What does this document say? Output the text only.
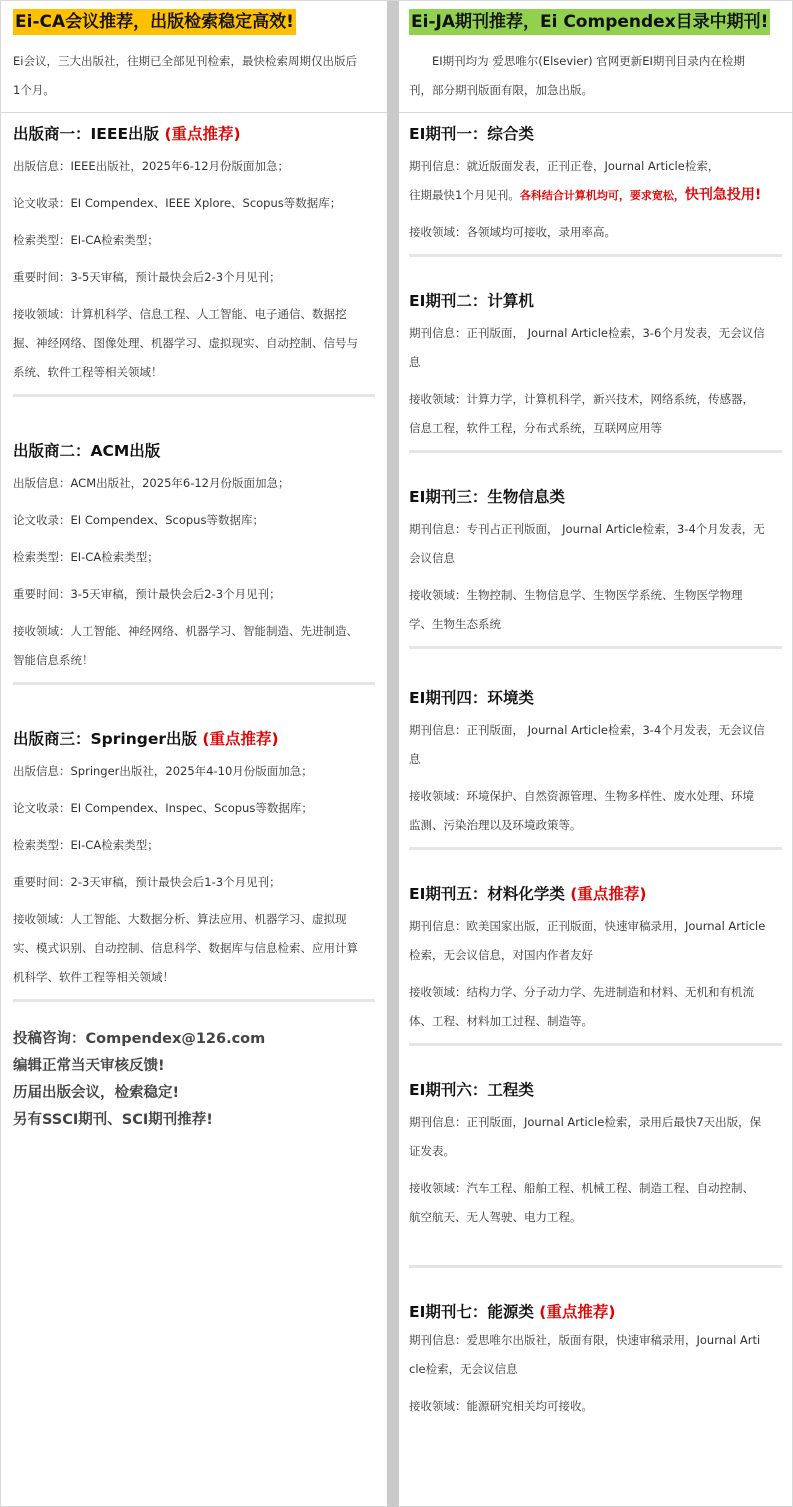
Ei-CA会议推荐，出版检索稳定高效!
Ei会议，三大出版社，往期已全部见刊检索，最快检索周期仅出版后
1个月。
出版商一：IEEE出版 (重点推荐)
出版信息：IEEE出版社，2025年6-12月份版面加急；
论文收录：EI Compendex、IEEE Xplore、Scopus等数据库；
检索类型：EI-CA检索类型；
重要时间：3-5天审稿，预计最快会后2-3个月见刊；
接收领域：计算机科学、信息工程、人工智能、电子通信、数据挖
掘、神经网络、图像处理、机器学习、虚拟现实、自动控制、信号与
系统、软件工程等相关领域！
出版商二：ACM出版
出版信息：ACM出版社，2025年6-12月份版面加急；
论文收录：EI Compendex、Scopus等数据库；
检索类型：EI-CA检索类型；
重要时间：3-5天审稿，预计最快会后2-3个月见刊；
接收领域：人工智能、神经网络、机器学习、智能制造、先进制造、
智能信息系统！
出版商三：Springer出版 (重点推荐)
出版信息：Springer出版社，2025年4-10月份版面加急；
论文收录：EI Compendex、Inspec、Scopus等数据库；
检索类型：EI-CA检索类型；
重要时间：2-3天审稿，预计最快会后1-3个月见刊；
接收领域：人工智能、大数据分析、算法应用、机器学习、虚拟现
实、模式识别、自动控制、信息科学、数据库与信息检索、应用计算
机科学、软件工程等相关领域！
投稿咨询：Compendex@126.com
编辑正常当天审核反馈!
历届出版会议，检索稳定!
另有SSCI期刊、SCI期刊推荐!
Ei-JA期刊推荐，Ei Compendex目录中期刊!
EI期刊均为 爱思唯尔(Elsevier) 官网更新EI期刊目录内在检期
刊，部分期刊版面有限，加急出版。
EI期刊一：综合类
期刊信息：就近版面发表，正刊正卷，Journal Article检索，
往期最快1个月见刊。各科结合计算机均可，要求宽松，快刊急投用!
接收领域：各领域均可接收，录用率高。
EI期刊二：计算机
期刊信息：正刊版面， Journal Article检索，3-6个月发表，无会议信
息
接收领域：计算力学，计算机科学，新兴技术，网络系统，传感器，
信息工程，软件工程，分布式系统，互联网应用等
EI期刊三：生物信息类
期刊信息：专刊占正刊版面， Journal Article检索，3-4个月发表，无
会议信息
接收领域：生物控制、生物信息学、生物医学系统、生物医学物理
学、生物生态系统
EI期刊四：环境类
期刊信息：正刊版面， Journal Article检索，3-4个月发表，无会议信
息
接收领域：环境保护、自然资源管理、生物多样性、废水处理、环境
监测、污染治理以及环境政策等。
EI期刊五：材料化学类 (重点推荐)
期刊信息：欧美国家出版，正刊版面，快速审稿录用，Journal Article
检索，无会议信息，对国内作者友好
接收领域：结构力学、分子动力学、先进制造和材料、无机和有机流
体、工程、材料加工过程、制造等。
EI期刊六：工程类
期刊信息：正刊版面，Journal Article检索，录用后最快7天出版，保
证发表。
接收领域：汽车工程、船舶工程、机械工程、制造工程、自动控制、
航空航天、无人驾驶、电力工程。
EI期刊七：能源类 (重点推荐)
期刊信息：爱思唯尔出版社，版面有限，快速审稿录用，Journal Arti
cle检索，无会议信息
接收领域：能源研究相关均可接收。
